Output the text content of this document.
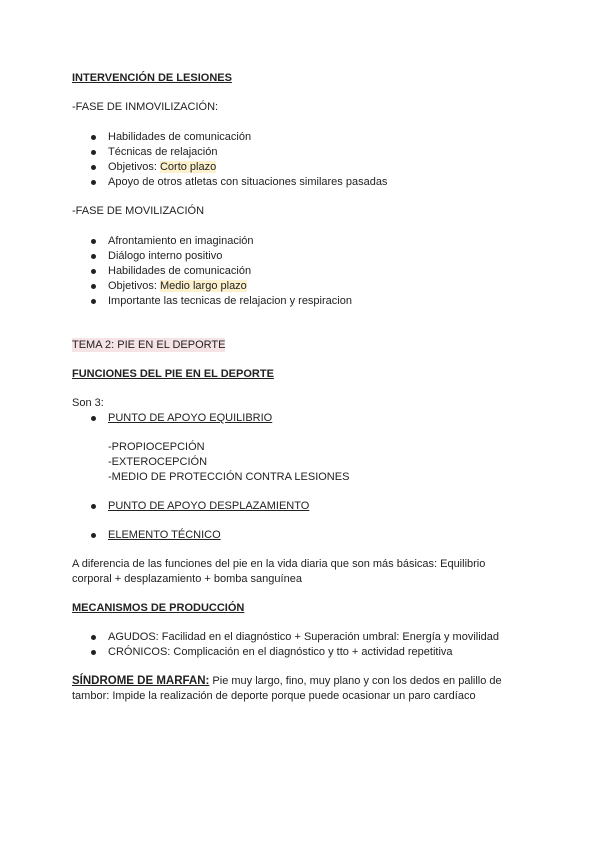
INTERVENCIÓN DE LESIONES

-FASE DE INMOVILIZACIÓN:

Habilidades de comunicación
Técnicas de relajación
Objetivos: Corto plazo
Apoyo de otros atletas con situaciones similares pasadas

-FASE DE MOVILIZACIÓN

Afrontamiento en imaginación
Diálogo interno positivo
Habilidades de comunicación
Objetivos: Medio largo plazo
Importante las tecnicas de relajacion y respiracion

TEMA 2: PIE EN EL DEPORTE

FUNCIONES DEL PIE EN EL DEPORTE

Son 3:

PUNTO DE APOYO EQUILIBRIO
-PROPIOCEPCIÓN
-EXTEROCEPCIÓN
-MEDIO DE PROTECCIÓN CONTRA LESIONES
PUNTO DE APOYO DESPLAZAMIENTO
ELEMENTO TÉCNICO

A diferencia de las funciones del pie en la vida diaria que son más básicas: Equilibrio
corporal + desplazamiento + bomba sanguínea

MECANISMOS DE PRODUCCIÓN

AGUDOS: Facilidad en el diagnóstico + Superación umbral: Energía y movilidad
CRÓNICOS: Complicación en el diagnóstico y tto + actividad repetitiva

SÍNDROME DE MARFAN: Pie muy largo, fino, muy plano y con los dedos en palillo de
tambor: Impide la realización de deporte porque puede ocasionar un paro cardíaco
